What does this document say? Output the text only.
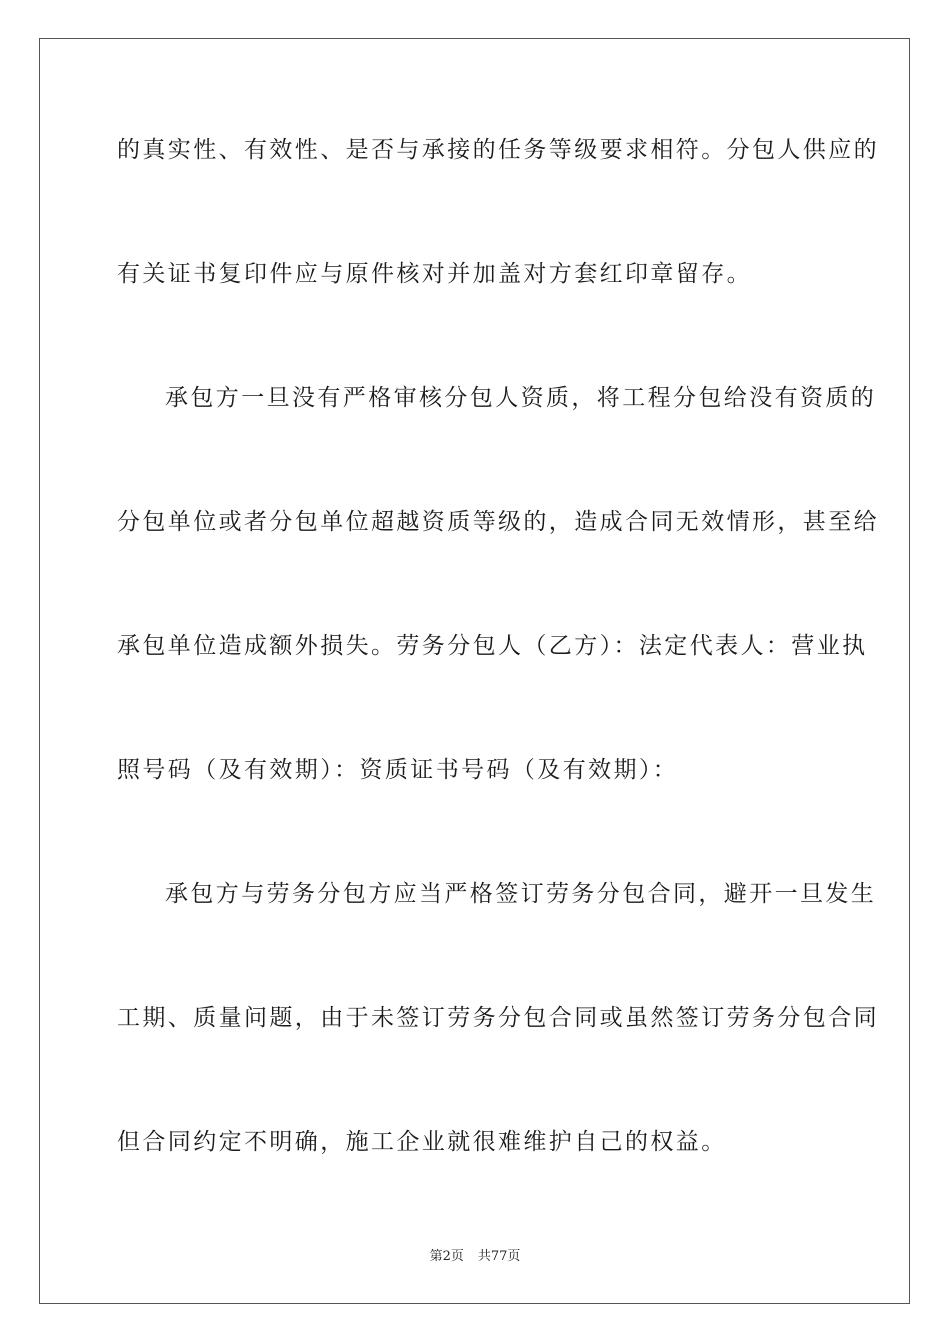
的真实性、有效性、是否与承接的任务等级要求相符。分包人供应的
有关证书复印件应与原件核对并加盖对方套红印章留存。
承包方一旦没有严格审核分包人资质，将工程分包给没有资质的
分包单位或者分包单位超越资质等级的，造成合同无效情形，甚至给
承包单位造成额外损失。劳务分包人（乙方）：法定代表人：营业执
照号码（及有效期）：资质证书号码（及有效期）：
承包方与劳务分包方应当严格签订劳务分包合同，避开一旦发生
工期、质量问题，由于未签订劳务分包合同或虽然签订劳务分包合同
但合同约定不明确，施工企业就很难维护自己的权益。
第2页 共77页
